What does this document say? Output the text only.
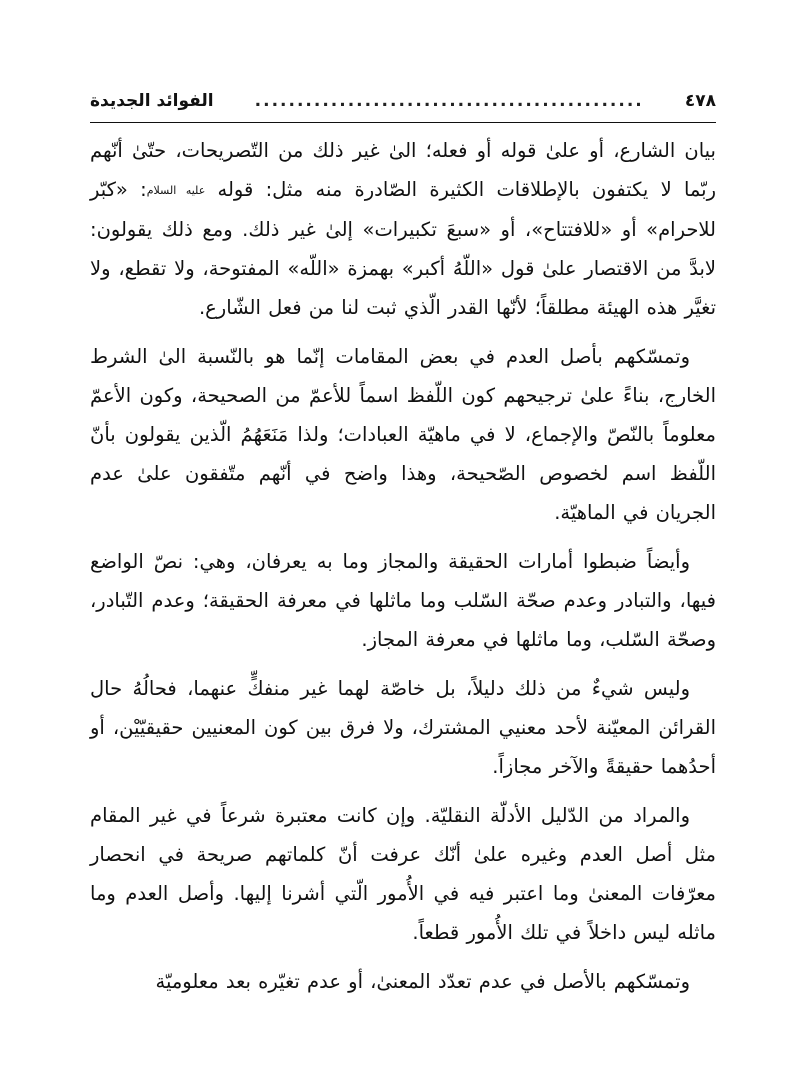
٤٧٨
..............................................
الفوائد الجديدة

بيان الشارع، أو علىٰ قوله أو فعله؛ الىٰ غير ذلك من التّصريحات، حتّىٰ أنّهم ربّما لا يكتفون بالإطلاقات الكثيرة الصّادرة منه مثل: قوله عليه السلام: «كبّر للاحرام» أو «للافتتاح»، أو «سبعَ تكبيرات» إلىٰ غير ذلك. ومع ذلك يقولون: لابدَّ من الاقتصار علىٰ قول «اللّهُ أكبر» بهمزة «اللّه» المفتوحة، ولا تقطع، ولا تغيَّر هذه الهيئة مطلقاً؛ لأنّها القدر الّذي ثبت لنا من فعل الشّارع.

وتمسّكهم بأصل العدم في بعض المقامات إنّما هو بالنّسبة الىٰ الشرط الخارج، بناءً علىٰ ترجيحهم كون اللّفظ اسماً للأعمّ من الصحيحة، وكون الأعمّ معلوماً بالنّصّ والإجماع، لا في ماهيّة العبادات؛ ولذا مَنَعَهُمُ الّذين يقولون بأنّ اللّفظ اسم لخصوص الصّحيحة، وهذا واضح في أنّهم متّفقون علىٰ عدم الجريان في الماهيّة.

وأيضاً ضبطوا أمارات الحقيقة والمجاز وما به يعرفان، وهي: نصّ الواضع فيها، والتبادر وعدم صحّة السّلب وما ماثلها في معرفة الحقيقة؛ وعدم التّبادر، وصحّة السّلب، وما ماثلها في معرفة المجاز.

وليس شيءٌ من ذلك دليلاً، بل خاصّة لهما غير منفكٍّ عنهما، فحالُهُ حال القرائن المعيّنة لأحد معنيي المشترك، ولا فرق بين كون المعنيين حقيقيّيْن، أو أحدُهما حقيقةً والآخر مجازاً.

والمراد من الدّليل الأدلّة النقليّة. وإن كانت معتبرة شرعاً في غير المقام مثل أصل العدم وغيره علىٰ أنّك عرفت أنّ كلماتهم صريحة في انحصار معرّفات المعنىٰ وما اعتبر فيه في الأُمور الّتي أشرنا إليها. وأصل العدم وما ماثله ليس داخلاً في تلك الأُمور قطعاً.

وتمسّكهم بالأصل في عدم تعدّد المعنىٰ، أو عدم تغيّره بعد معلوميّة
